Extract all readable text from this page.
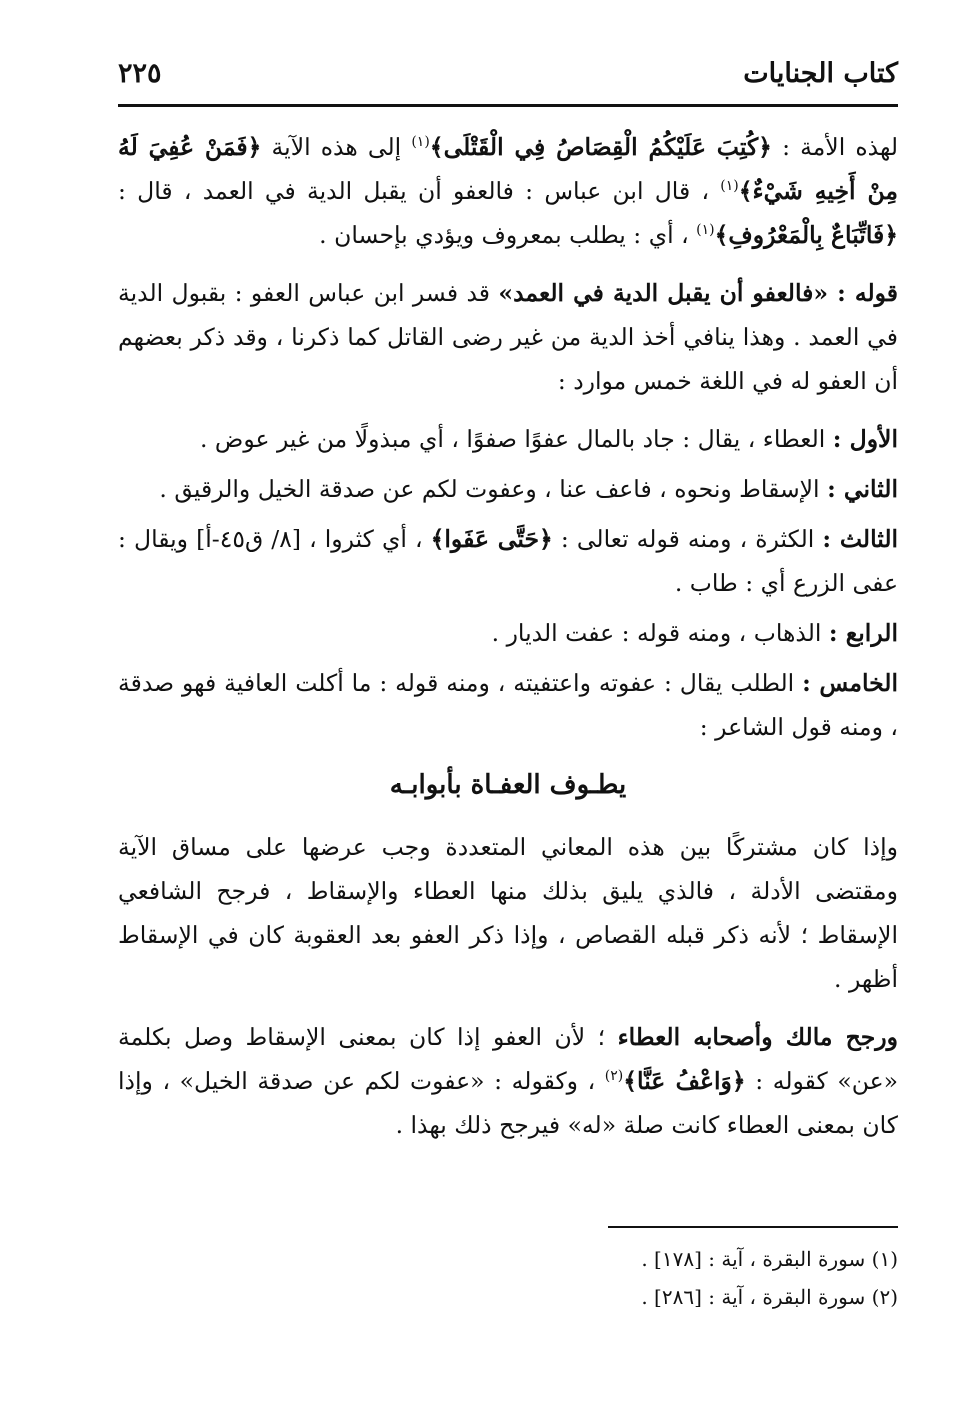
كتاب الجنايات
٢٢٥

لهذه الأمة : ﴿كُتِبَ عَلَيْكُمُ الْقِصَاصُ فِي الْقَتْلَى﴾$^{(١)}$ إلى هذه الآية ﴿فَمَنْ عُفِيَ لَهُ مِنْ أَخِيهِ شَيْءٌ﴾$^{(١)}$ ، قال ابن عباس : فالعفو أن يقبل الدية في العمد ، قال : ﴿فَاتِّبَاعٌ بِالْمَعْرُوفِ﴾$^{(١)}$ ، أي : يطلب بمعروف ويؤدي بإحسان .

قوله : «فالعفو أن يقبل الدية في العمد» قد فسر ابن عباس العفو : بقبول الدية في العمد . وهذا ينافي أخذ الدية من غير رضى القاتل كما ذكرنا ، وقد ذكر بعضهم أن العفو له في اللغة خمس موارد :

الأول : العطاء ، يقال : جاد بالمال عفوًا صفوًا ، أي مبذولًا من غير عوض .

الثاني : الإسقاط ونحوه ، فاعف عنا ، وعفوت لكم عن صدقة الخيل والرقيق .

الثالث : الكثرة ، ومنه قوله تعالى : ﴿حَتَّى عَفَوا﴾ ، أي كثروا ، [٨/ ق٤٥-أ] ويقال : عفى الزرع أي : طاب .

الرابع : الذهاب ، ومنه قوله : عفت الديار .

الخامس : الطلب يقال : عفوته واعتفيته ، ومنه قوله : ما أكلت العافية فهو صدقة ، ومنه قول الشاعر :

يطـوف العفـاة بأبوابـه

وإذا كان مشتركًا بين هذه المعاني المتعددة وجب عرضها على مساق الآية ومقتضى الأدلة ، فالذي يليق بذلك منها العطاء والإسقاط ، فرجح الشافعي الإسقاط ؛ لأنه ذكر قبله القصاص ، وإذا ذكر العفو بعد العقوبة كان في الإسقاط أظهر .

ورجح مالك وأصحابه العطاء ؛ لأن العفو إذا كان بمعنى الإسقاط وصل بكلمة «عن» كقوله : ﴿وَاعْفُ عَنَّا﴾$^{(٢)}$ ، وكقوله : «عفوت لكم عن صدقة الخيل» ، وإذا كان بمعنى العطاء كانت صلة «له» فيرجح ذلك بهذا .

(١) سورة البقرة ، آية : [١٧٨] .
(٢) سورة البقرة ، آية : [٢٨٦] .
